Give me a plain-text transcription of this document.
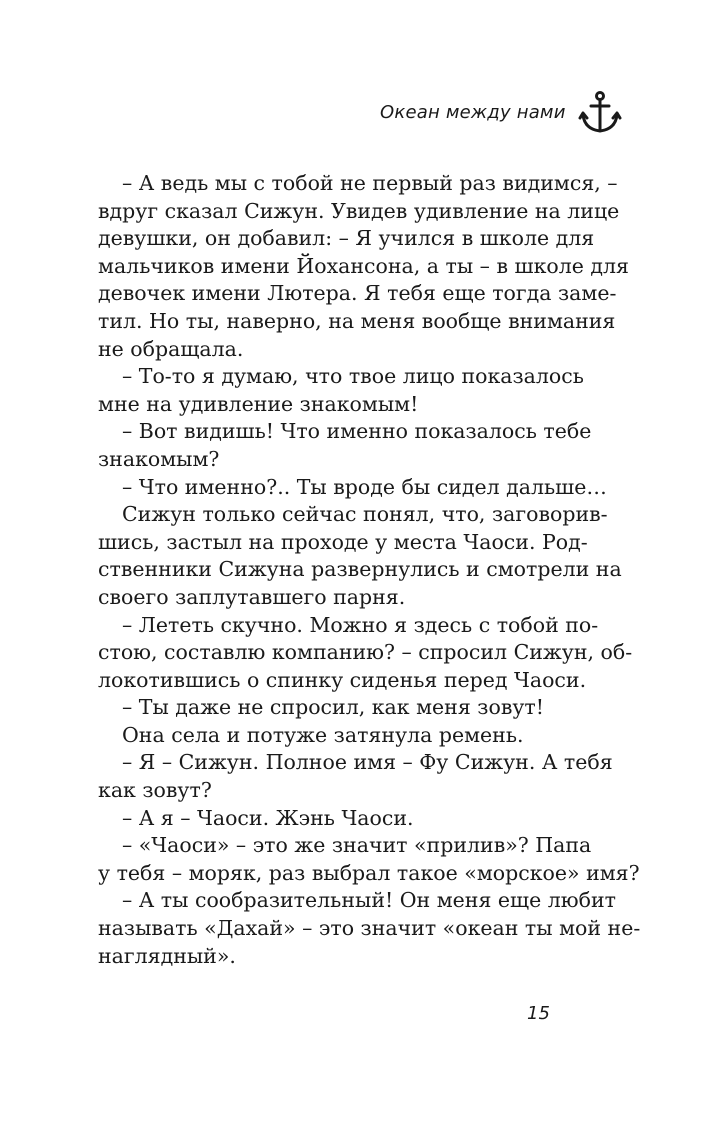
Океан между нами
– А ведь мы с тобой не первый раз видимся, –
вдруг сказал Сижун. Увидев удивление на лице
девушки, он добавил: – Я учился в школе для
мальчиков имени Йохансона, а ты – в школе для
девочек имени Лютера. Я тебя еще тогда заме-
тил. Но ты, наверно, на меня вообще внимания
не обращала.
– То-то я думаю, что твое лицо показалось
мне на удивление знакомым!
– Вот видишь! Что именно показалось тебе
знакомым?
– Что именно?.. Ты вроде бы сидел дальше…
Сижун только сейчас понял, что, заговорив-
шись, застыл на проходе у места Чаоси. Род-
ственники Сижуна развернулись и смотрели на
своего заплутавшего парня.
– Лететь скучно. Можно я здесь с тобой по-
стою, составлю компанию? – спросил Сижун, об-
локотившись о спинку сиденья перед Чаоси.
– Ты даже не спросил, как меня зовут!
Она села и потуже затянула ремень.
– Я – Сижун. Полное имя – Фу Сижун. А тебя
как зовут?
– А я – Чаоси. Жэнь Чаоси.
– «Чаоси» – это же значит «прилив»? Папа
у тебя – моряк, раз выбрал такое «морское» имя?
– А ты сообразительный! Он меня еще любит
называть «Дахай» – это значит «океан ты мой не-
наглядный».
15
